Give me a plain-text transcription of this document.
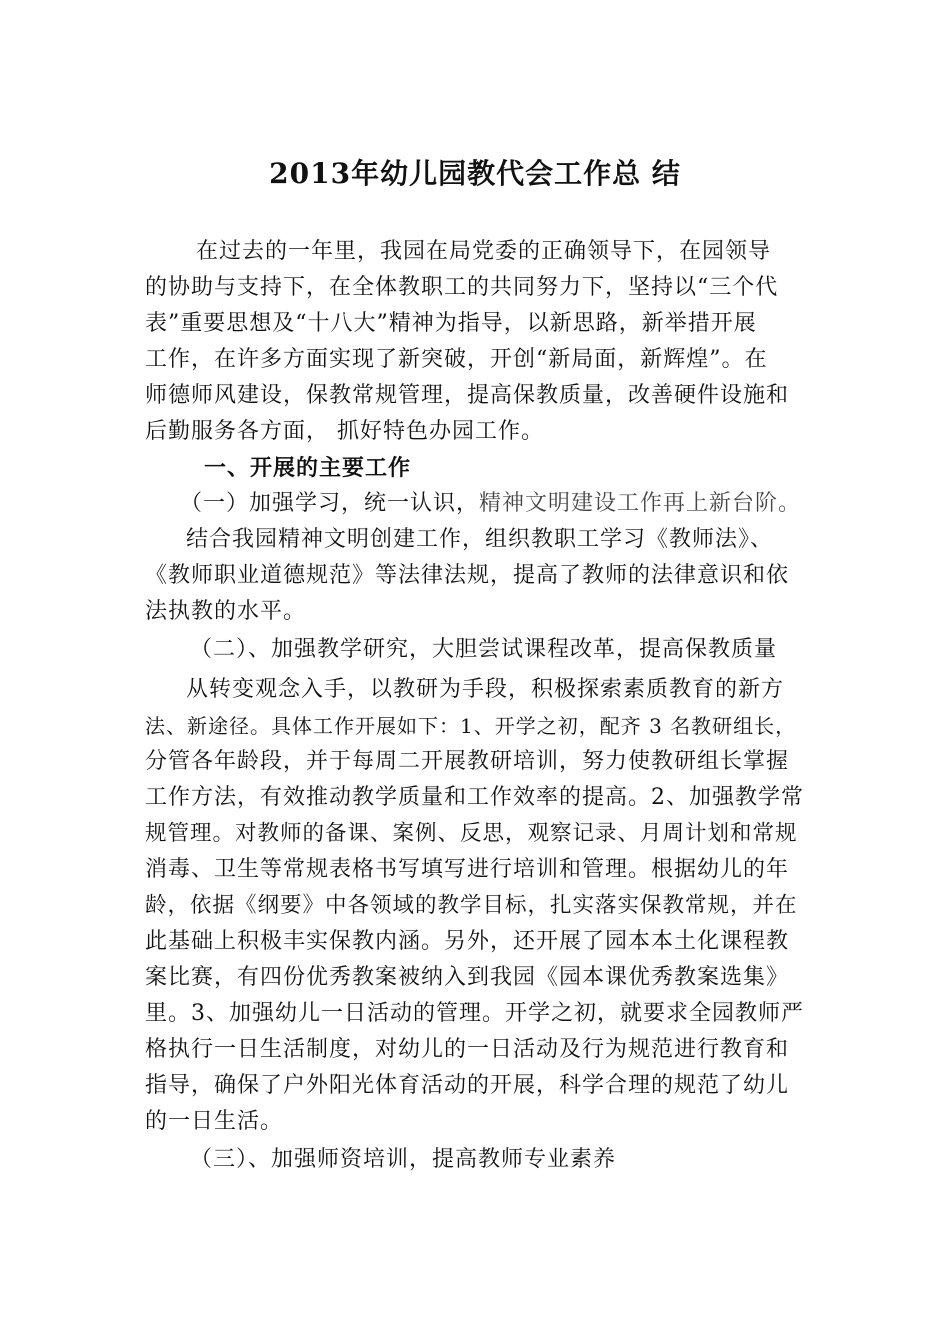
2013年幼儿园教代会工作总 结
在过去的一年里，我园在局党委的正确领导下，在园领导
的协助与支持下，在全体教职工的共同努力下，坚持以“三个代
表”重要思想及“十八大”精神为指导，以新思路，新举措开展
工作，在许多方面实现了新突破，开创“新局面，新辉煌”。在
师德师风建设，保教常规管理，提高保教质量，改善硬件设施和
后勤服务各方面， 抓好特色办园工作。
一、开展的主要工作
（一）加强学习，统一认识，精神文明建设工作再上新台阶。
结合我园精神文明创建工作，组织教职工学习《教师法》、
《教师职业道德规范》等法律法规，提高了教师的法律意识和依
法执教的水平。
（二）、加强教学研究，大胆尝试课程改革，提高保教质量
从转变观念入手，以教研为手段，积极探索素质教育的新方
法、新途径。具体工作开展如下：1、开学之初，配齐 3 名教研组长，
分管各年龄段，并于每周二开展教研培训，努力使教研组长掌握
工作方法，有效推动教学质量和工作效率的提高。2、加强教学常
规管理。对教师的备课、案例、反思，观察记录、月周计划和常规
消毒、卫生等常规表格书写填写进行培训和管理。根据幼儿的年
龄，依据《纲要》中各领域的教学目标，扎实落实保教常规，并在
此基础上积极丰实保教内涵。另外，还开展了园本本土化课程教
案比赛，有四份优秀教案被纳入到我园《园本课优秀教案选集》
里。3、加强幼儿一日活动的管理。开学之初，就要求全园教师严
格执行一日生活制度，对幼儿的一日活动及行为规范进行教育和
指导，确保了户外阳光体育活动的开展，科学合理的规范了幼儿
的一日生活。
（三）、加强师资培训，提高教师专业素养
